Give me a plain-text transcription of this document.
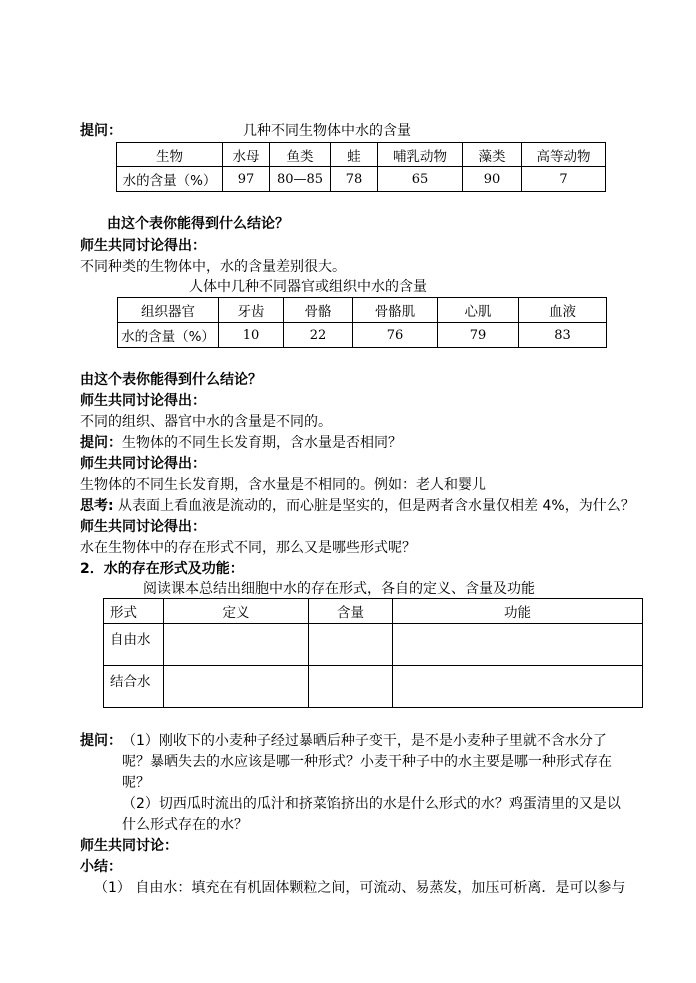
提问：	几种不同生物体中水的含量
生物	水母	鱼类	蛙	哺乳动物	藻类	高等动物
水的含量（%）	97	80—85	78	65	90	7
由这个表你能得到什么结论？
师生共同讨论得出：
不同种类的生物体中，水的含量差别很大。
人体中几种不同器官或组织中水的含量
组织器官	牙齿	骨骼	骨骼肌	心肌	血液
水的含量（%）	10	22	76	79	83
由这个表你能得到什么结论？
师生共同讨论得出：
不同的组织、器官中水的含量是不同的。
提问：生物体的不同生长发育期，含水量是否相同？
师生共同讨论得出：
生物体的不同生长发育期，含水量是不相同的。例如：老人和婴儿
思考: 从表面上看血液是流动的，而心脏是坚实的，但是两者含水量仅相差 4%，为什么？
师生共同讨论得出：
水在生物体中的存在形式不同，那么又是哪些形式呢？
2．水的存在形式及功能：
阅读课本总结出细胞中水的存在形式，各自的定义、含量及功能
形式	定义	含量	功能
自由水			
结合水			
提问： （1）刚收下的小麦种子经过暴晒后种子变干，是不是小麦种子里就不含水分了
呢？暴晒失去的水应该是哪一种形式？小麦干种子中的水主要是哪一种形式存在
呢？
（2）切西瓜时流出的瓜汁和挤菜馅挤出的水是什么形式的水？鸡蛋清里的又是以
什么形式存在的水？
师生共同讨论：
小结：
（1） 自由水：填充在有机固体颗粒之间，可流动、易蒸发，加压可析离．是可以参与
